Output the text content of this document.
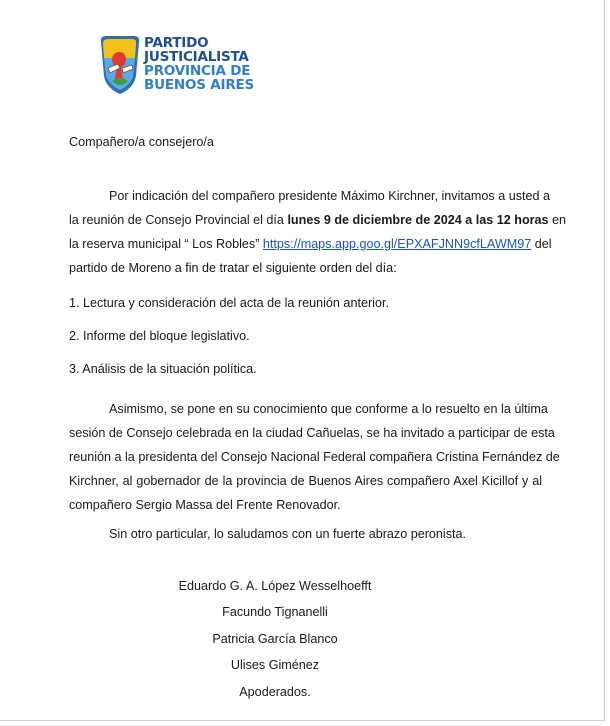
PARTIDO
JUSTICIALISTA
PROVINCIA DE
BUENOS AIRES
Compañero/a consejero/a
Por indicación del compañero presidente Máximo Kirchner, invitamos a usted a
la reunión de Consejo Provincial el día lunes 9 de diciembre de 2024 a las 12 horas en
la reserva municipal “ Los Robles” https://maps.app.goo.gl/EPXAFJNN9cfLAWM97 del
partido de Moreno a fin de tratar el siguiente orden del día:
1. Lectura y consideración del acta de la reunión anterior.
2. Informe del bloque legislativo.
3. Análisis de la situación política.
Asimismo, se pone en su conocimiento que conforme a lo resuelto en la última
sesión de Consejo celebrada en la ciudad Cañuelas, se ha invitado a participar de esta
reunión a la presidenta del Consejo Nacional Federal compañera Cristina Fernández de
Kirchner, al gobernador de la provincia de Buenos Aires compañero Axel Kicillof y al
compañero Sergio Massa del Frente Renovador.
Sin otro particular, lo saludamos con un fuerte abrazo peronista.
Eduardo G. A. López Wesselhoefft
Facundo Tignanelli
Patricia García Blanco
Ulises Giménez
Apoderados.
